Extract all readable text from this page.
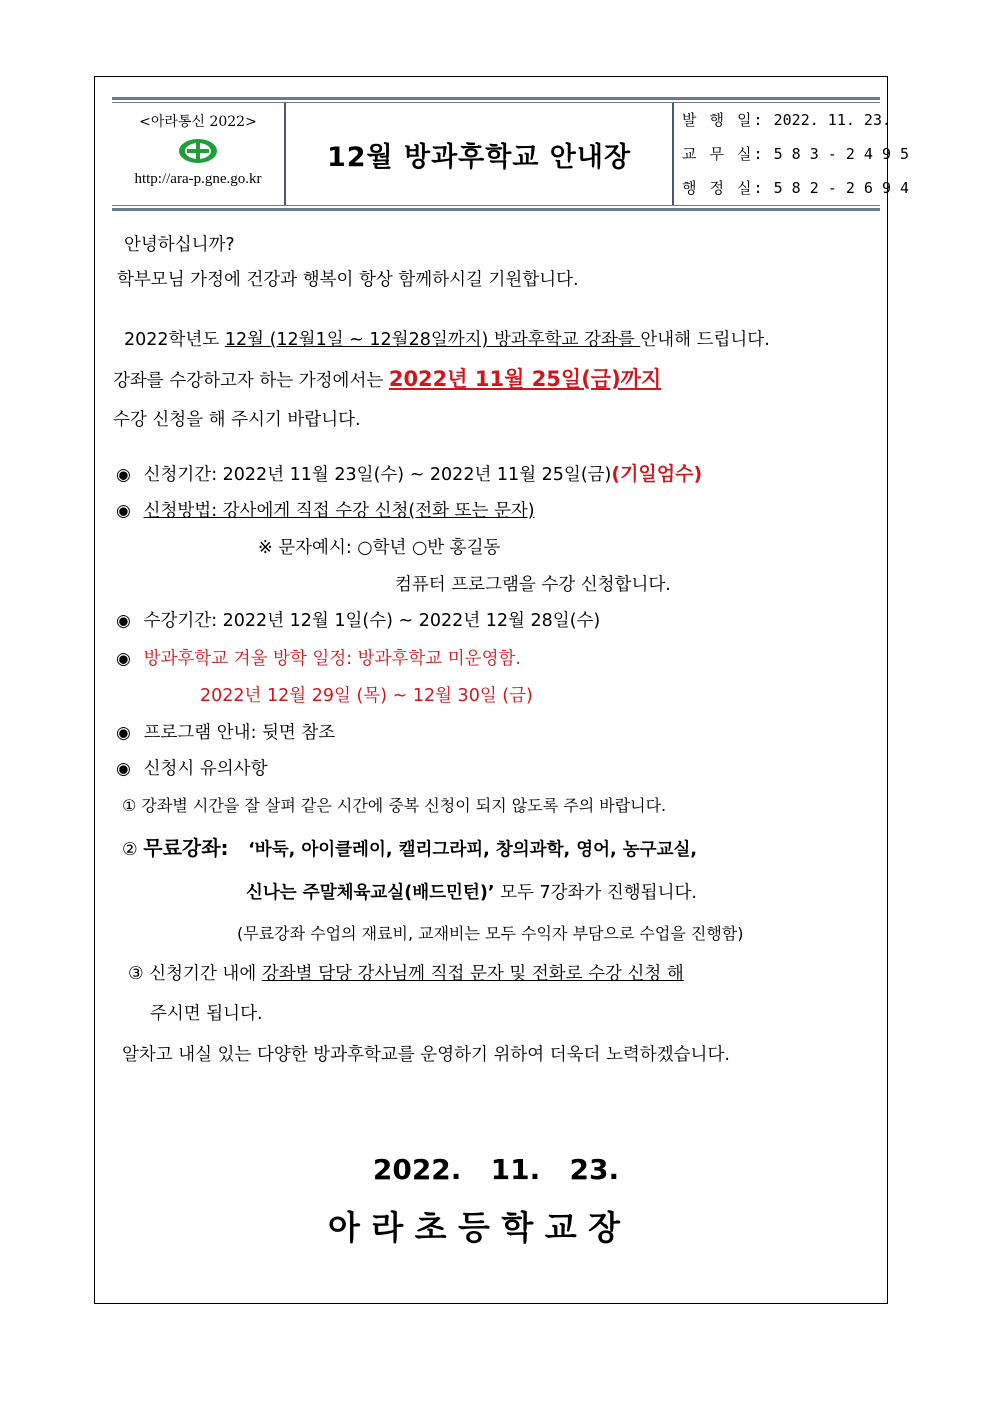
<아라통신 2022>
http://ara-p.gne.go.kr
12월 방과후학교 안내장
발 행 일: 2022. 11. 23.
교 무 실: 5 8 3 - 2 4 9 5
행 정 실: 5 8 2 - 2 6 9 4
안녕하십니까?
학부모님 가정에 건강과 행복이 항상 함께하시길 기원합니다.
2022학년도 12월 (12월1일 ~ 12월28일까지) 방과후학교 강좌를 안내해 드립니다.
강좌를 수강하고자 하는 가정에서는 2022년 11월 25일(금)까지
수강 신청을 해 주시기 바랍니다.
◉ 신청기간: 2022년 11월 23일(수) ~ 2022년 11월 25일(금)(기일엄수)
◉ 신청방법: 강사에게 직접 수강 신청(전화 또는 문자)
※ 문자예시: ○학년 ○반 홍길동
컴퓨터 프로그램을 수강 신청합니다.
◉ 수강기간: 2022년 12월 1일(수) ~ 2022년 12월 28일(수)
◉ 방과후학교 겨울 방학 일정: 방과후학교 미운영함.
2022년 12월 29일 (목) ~ 12월 30일 (금)
◉ 프로그램 안내: 뒷면 참조
◉ 신청시 유의사항
① 강좌별 시간을 잘 살펴 같은 시간에 중복 신청이 되지 않도록 주의 바랍니다.
② 무료강좌: ‘바둑, 아이클레이, 캘리그라피, 창의과학, 영어, 농구교실,
신나는 주말체육교실(배드민턴)’ 모두 7강좌가 진행됩니다.
(무료강좌 수업의 재료비, 교재비는 모두 수익자 부담으로 수업을 진행함)
③ 신청기간 내에 강좌별 담당 강사님께 직접 문자 및 전화로 수강 신청 해
주시면 됩니다.
알차고 내실 있는 다양한 방과후학교를 운영하기 위하여 더욱더 노력하겠습니다.
2022.   11.   23.
아 라 초 등 학 교 장
